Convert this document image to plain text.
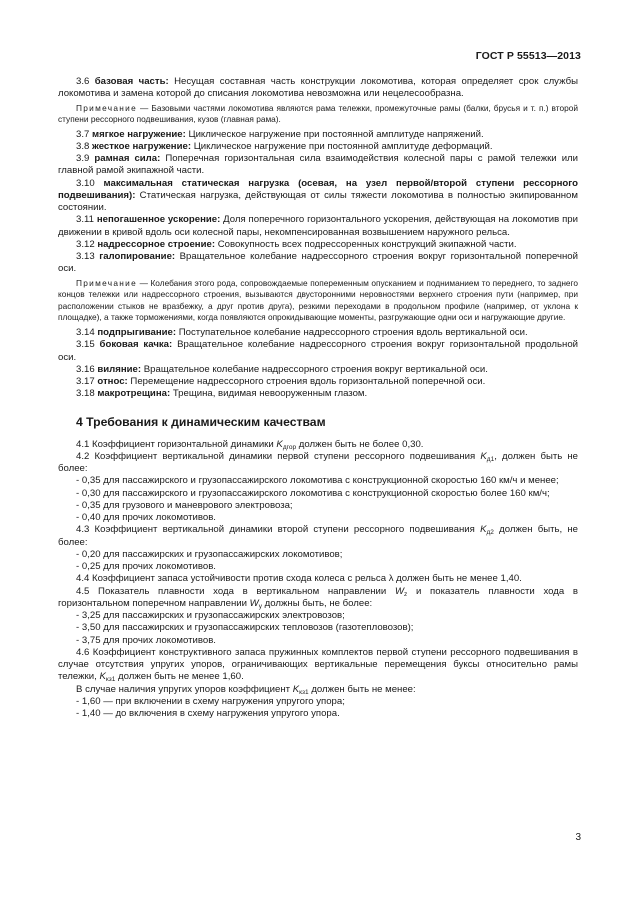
ГОСТ Р 55513—2013

3.6 базовая часть: Несущая составная часть конструкции локомотива, которая определяет срок службы локомотива и замена которой до списания локомотива невозможна или нецелесообразна.

Примечание — Базовыми частями локомотива являются рама тележки, промежуточные рамы (балки, брусья и т. п.) второй ступени рессорного подвешивания, кузов (главная рама).

3.7 мягкое нагружение: Циклическое нагружение при постоянной амплитуде напряжений.

3.8 жесткое нагружение: Циклическое нагружение при постоянной амплитуде деформаций.

3.9 рамная сила: Поперечная горизонтальная сила взаимодействия колесной пары с рамой тележки или главной рамой экипажной части.

3.10 максимальная статическая нагрузка (осевая, на узел первой/второй ступени рессорного подвешивания): Статическая нагрузка, действующая от силы тяжести локомотива в полностью экипированном состоянии.

3.11 непогашенное ускорение: Доля поперечного горизонтального ускорения, действующая на локомотив при движении в кривой вдоль оси колесной пары, некомпенсированная возвышением наружного рельса.

3.12 надрессорное строение: Совокупность всех подрессоренных конструкций экипажной части.

3.13 галопирование: Вращательное колебание надрессорного строения вокруг горизонтальной поперечной оси.

Примечание — Колебания этого рода, сопровождаемые попеременным опусканием и подниманием то переднего, то заднего концов тележки или надрессорного строения, вызываются двусторонними неровностями верхнего строения пути (например, при расположении стыков не вразбежку, а друг против друга), резкими переходами в продольном профиле (например, от уклона к площадке), а также торможениями, когда появляются опрокидывающие моменты, разгружающие одни оси и нагружающие другие.

3.14 подпрыгивание: Поступательное колебание надрессорного строения вдоль вертикальной оси.

3.15 боковая качка: Вращательное колебание надрессорного строения вокруг горизонтальной продольной оси.

3.16 виляние: Вращательное колебание надрессорного строения вокруг вертикальной оси.

3.17 относ: Перемещение надрессорного строения вдоль горизонтальной поперечной оси.

3.18 макротрещина: Трещина, видимая невооруженным глазом.

4 Требования к динамическим качествам

4.1 Коэффициент горизонтальной динамики $K_{дгор}$ должен быть не более 0,30.

4.2 Коэффициент вертикальной динамики первой ступени рессорного подвешивания $K_{д1}$, должен быть не более:

- 0,35 для пассажирского и грузопассажирского локомотива с конструкционной скоростью 160 км/ч и менее;

- 0,30 для пассажирского и грузопассажирского локомотива с конструкционной скоростью более 160 км/ч;

- 0,35 для грузового и маневрового электровоза;

- 0,40 для прочих локомотивов.

4.3 Коэффициент вертикальной динамики второй ступени рессорного подвешивания $K_{д2}$ должен быть, не более:

- 0,20 для пассажирских и грузопассажирских локомотивов;

- 0,25 для прочих локомотивов.

4.4 Коэффициент запаса устойчивости против схода колеса с рельса λ должен быть не менее 1,40.

4.5 Показатель плавности хода в вертикальном направлении $W_z$ и показатель плавности хода в горизонтальном поперечном направлении $W_y$ должны быть, не более:

- 3,25 для пассажирских и грузопассажирских электровозов;

- 3,50 для пассажирских и грузопассажирских тепловозов (газотепловозов);

- 3,75 для прочих локомотивов.

4.6 Коэффициент конструктивного запаса пружинных комплектов первой ступени рессорного подвешивания в случае отсутствия упругих упоров, ограничивающих вертикальные перемещения буксы относительно рамы тележки, $K_{кз1}$ должен быть не менее 1,60.

В случае наличия упругих упоров коэффициент $K_{кз1}$ должен быть не менее:

- 1,60 — при включении в схему нагружения упругого упора;

- 1,40 — до включения в схему нагружения упругого упора.

3
